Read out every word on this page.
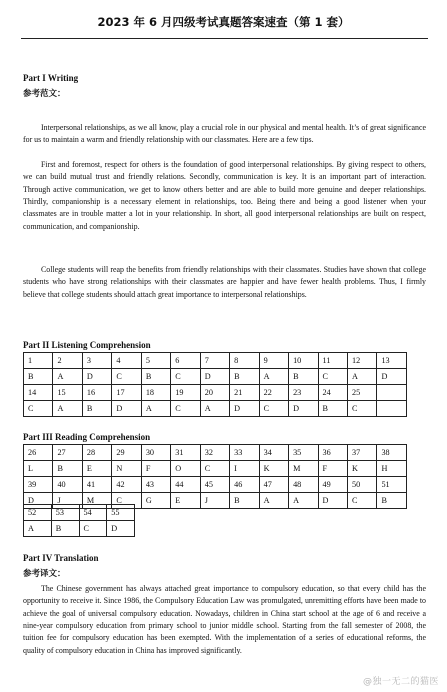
2023 年 6 月四级考试真题答案速查（第 1 套）
Part I Writing
参考范文：

Interpersonal relationships, as we all know, play a crucial role in our physical and mental health. It’s of great significance for us to maintain a warm and friendly relationship with our classmates. Here are a few tips.

First and foremost, respect for others is the foundation of good interpersonal relationships. By giving respect to others, we can build mutual trust and friendly relations. Secondly, communication is key. It is an important part of interaction. Through active communication, we get to know others better and are able to build more genuine and deeper relationships. Thirdly, companionship is a necessary element in relationships, too. Being there and being a good listener when your classmates are in trouble matter a lot in your relationship. In short, all good interpersonal relationships are built on respect, communication, and companionship.

College students will reap the benefits from friendly relationships with their classmates. Studies have shown that college students who have strong relationships with their classmates are happier and have fewer health problems. Thus, I firmly believe that college students should attach great importance to interpersonal relationships.

Part II Listening Comprehension
1	2	3	4	5	6	7	8	9	10	11	12	13
B	A	D	C	B	C	D	B	A	B	C	A	D
14	15	16	17	18	19	20	21	22	23	24	25	
C	A	B	D	A	C	A	D	C	D	B	C	
Part III Reading Comprehension
26	27	28	29	30	31	32	33	34	35	36	37	38
L	B	E	N	F	O	C	I	K	M	F	K	H
39	40	41	42	43	44	45	46	47	48	49	50	51
D	J	M	C	G	E	J	B	A	A	D	C	B
52	53	54	55
A	B	C	D
Part IV Translation
参考译文：

The Chinese government has always attached great importance to compulsory education, so that every child has the opportunity to receive it. Since 1986, the Compulsory Education Law was promulgated, unremitting efforts have been made to achieve the goal of universal compulsory education. Nowadays, children in China start school at the age of 6 and receive a nine-year compulsory education from primary school to junior middle school. Starting from the fall semester of 2008, the tuition fee for compulsory education has been exempted. With the implementation of a series of educational reforms, the quality of compulsory education in China has improved significantly.

@独一无二的猫医
